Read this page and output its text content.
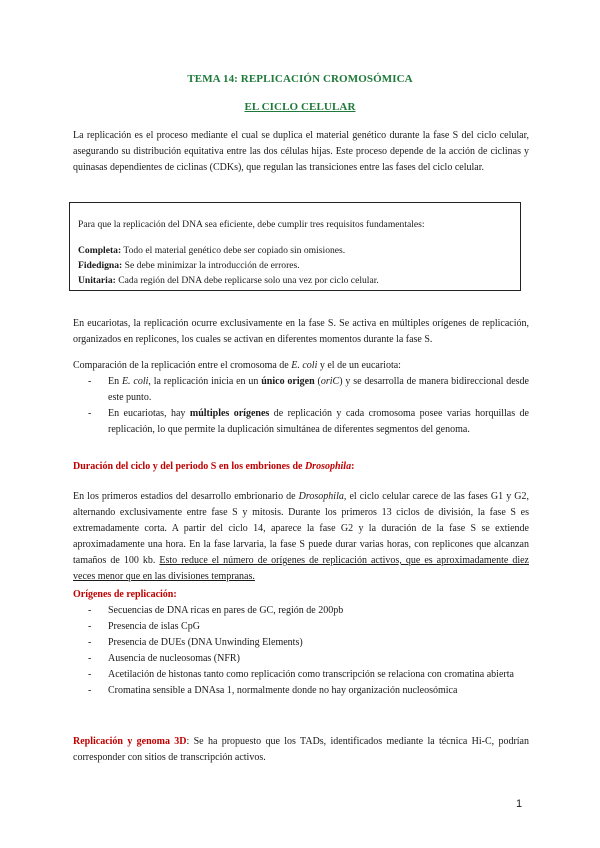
TEMA 14: REPLICACIÓN CROMOSÓMICA
EL CICLO CELULAR
La replicación es el proceso mediante el cual se duplica el material genético durante la fase S del ciclo celular, asegurando su distribución equitativa entre las dos células hijas. Este proceso depende de la acción de ciclinas y quinasas dependientes de ciclinas (CDKs), que regulan las transiciones entre las fases del ciclo celular.
Para que la replicación del DNA sea eficiente, debe cumplir tres requisitos fundamentales:
Completa: Todo el material genético debe ser copiado sin omisiones.
Fidedigna: Se debe minimizar la introducción de errores.
Unitaria: Cada región del DNA debe replicarse solo una vez por ciclo celular.
En eucariotas, la replicación ocurre exclusivamente en la fase S. Se activa en múltiples orígenes de replicación, organizados en replicones, los cuales se activan en diferentes momentos durante la fase S.
Comparación de la replicación entre el cromosoma de E. coli y el de un eucariota:
- En E. coli, la replicación inicia en un único origen (oriC) y se desarrolla de manera bidireccional desde este punto.
- En eucariotas, hay múltiples orígenes de replicación y cada cromosoma posee varias horquillas de replicación, lo que permite la duplicación simultánea de diferentes segmentos del genoma.
Duración del ciclo y del periodo S en los embriones de Drosophila:
En los primeros estadios del desarrollo embrionario de Drosophila, el ciclo celular carece de las fases G1 y G2, alternando exclusivamente entre fase S y mitosis. Durante los primeros 13 ciclos de división, la fase S es extremadamente corta. A partir del ciclo 14, aparece la fase G2 y la duración de la fase S se extiende aproximadamente una hora. En la fase larvaria, la fase S puede durar varias horas, con replicones que alcanzan tamaños de 100 kb. Esto reduce el número de orígenes de replicación activos, que es aproximadamente diez veces menor que en las divisiones tempranas.
Orígenes de replicación:
- Secuencias de DNA ricas en pares de GC, región de 200pb
- Presencia de islas CpG
- Presencia de DUEs (DNA Unwinding Elements)
- Ausencia de nucleosomas (NFR)
- Acetilación de histonas tanto como replicación como transcripción se relaciona con cromatina abierta
- Cromatina sensible a DNAsa 1, normalmente donde no hay organización nucleosómica
Replicación y genoma 3D: Se ha propuesto que los TADs, identificados mediante la técnica Hi-C, podrían corresponder con sitios de transcripción activos.
1
